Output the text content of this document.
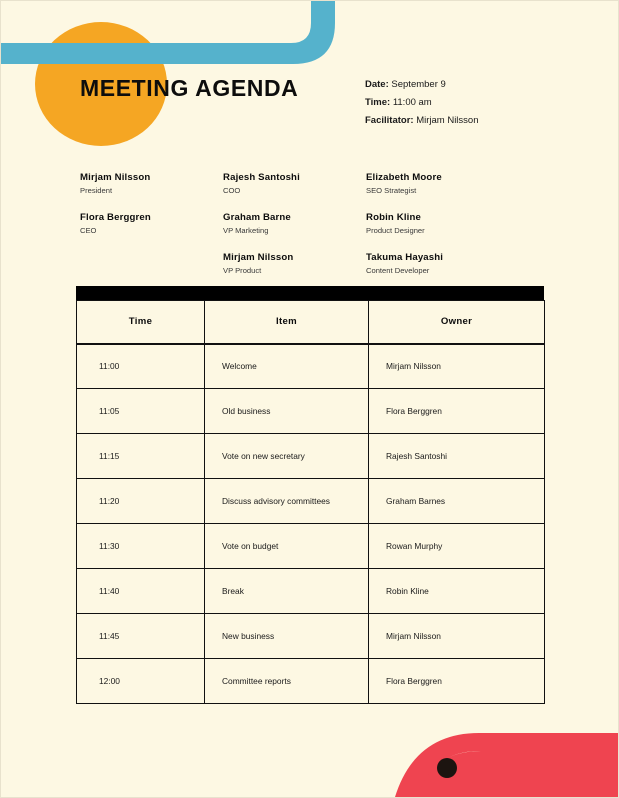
MEETING AGENDA	Date: September 9
Time: 11:00 am
Facilitator: Mirjam Nilsson
Mirjam Nilsson
President
Flora Berggren
CEO
Rajesh Santoshi
COO
Graham Barne
VP Marketing
Mirjam Nilsson
VP Product
Elizabeth Moore
SEO Strategist
Robin Kline
Product Designer
Takuma Hayashi
Content Developer
Time	Item	Owner
11:00	Welcome	Mirjam Nilsson
11:05	Old business	Flora Berggren
11:15	Vote on new secretary	Rajesh Santoshi
11:20	Discuss advisory committees	Graham Barnes
11:30	Vote on budget	Rowan Murphy
11:40	Break	Robin Kline
11:45	New business	Mirjam Nilsson
12:00	Committee reports	Flora Berggren
